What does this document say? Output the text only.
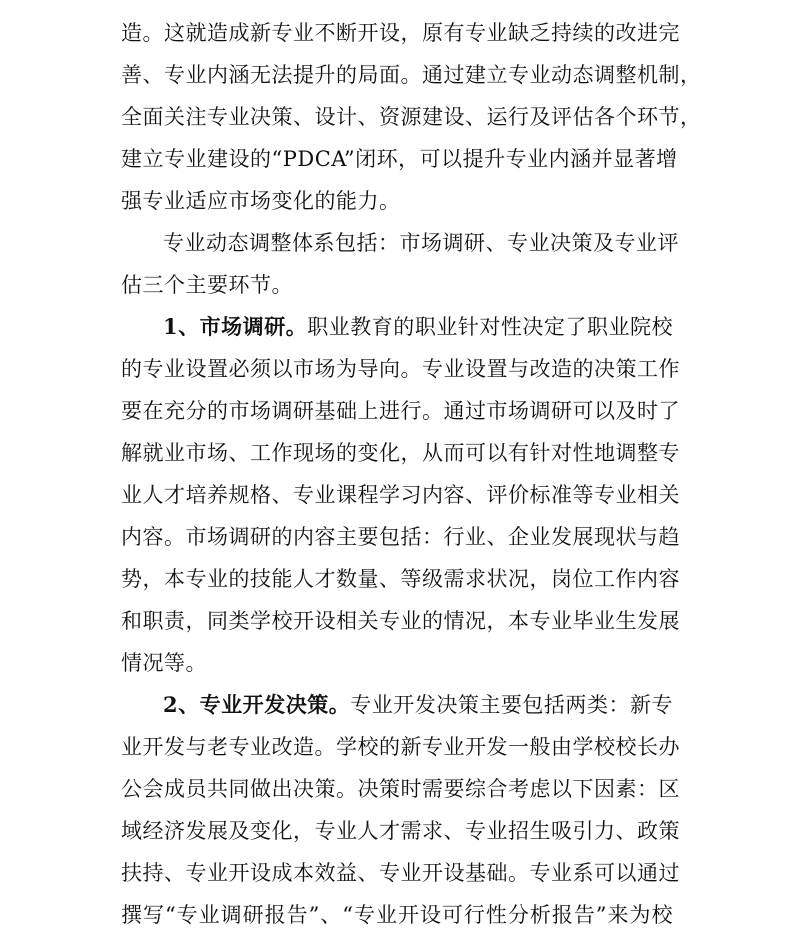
造。这就造成新专业不断开设，原有专业缺乏持续的改进完
善、专业内涵无法提升的局面。通过建立专业动态调整机制，
全面关注专业决策、设计、资源建设、运行及评估各个环节，
建立专业建设的“PDCA”闭环，可以提升专业内涵并显著增
强专业适应市场变化的能力。
专业动态调整体系包括：市场调研、专业决策及专业评
估三个主要环节。
1、市场调研。职业教育的职业针对性决定了职业院校
的专业设置必须以市场为导向。专业设置与改造的决策工作
要在充分的市场调研基础上进行。通过市场调研可以及时了
解就业市场、工作现场的变化，从而可以有针对性地调整专
业人才培养规格、专业课程学习内容、评价标准等专业相关
内容。市场调研的内容主要包括：行业、企业发展现状与趋
势，本专业的技能人才数量、等级需求状况，岗位工作内容
和职责，同类学校开设相关专业的情况，本专业毕业生发展
情况等。
2、专业开发决策。专业开发决策主要包括两类：新专
业开发与老专业改造。学校的新专业开发一般由学校校长办
公会成员共同做出决策。决策时需要综合考虑以下因素：区
域经济发展及变化，专业人才需求、专业招生吸引力、政策
扶持、专业开设成本效益、专业开设基础。专业系可以通过
撰写“专业调研报告”、“专业开设可行性分析报告”来为校
